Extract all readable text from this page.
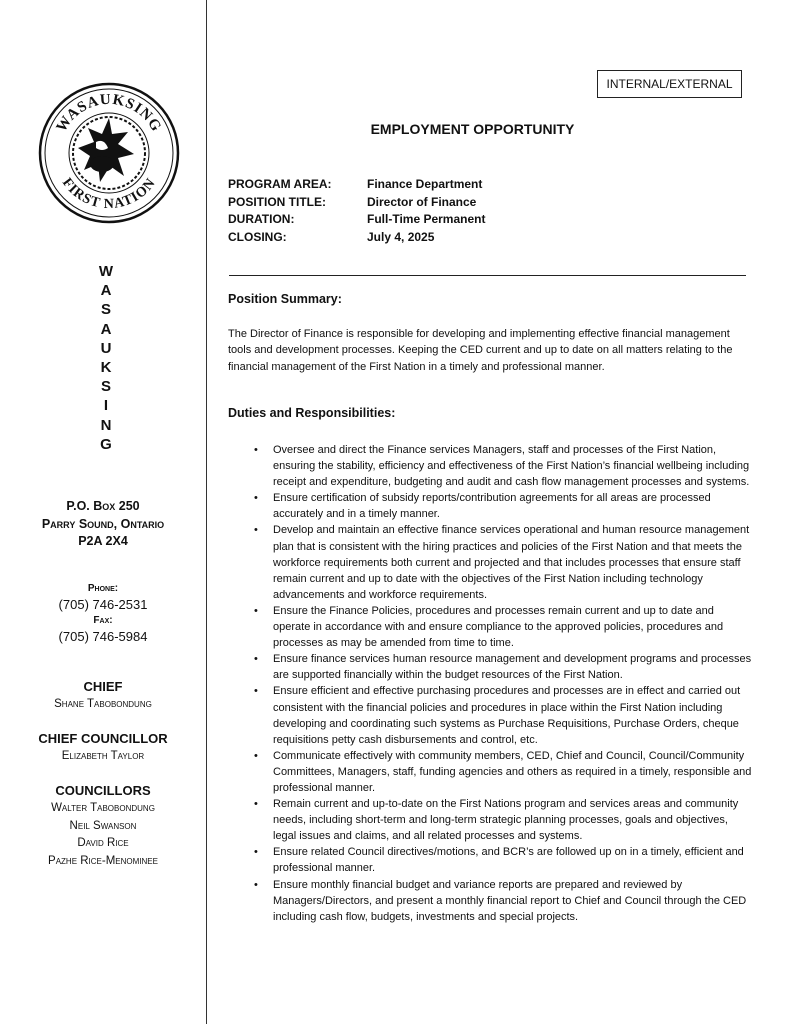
WASAUKSING
FIRST NATION
W
A
S
A
U
K
S
I
N
G
P.O. Box 250
Parry Sound, Ontario
P2A 2X4
Phone:
(705) 746-2531
Fax:
(705) 746-5984
CHIEF
Shane Tabobondung
CHIEF COUNCILLOR
Elizabeth Taylor
COUNCILLORS
Walter Tabobondung
Neil Swanson
David Rice
Pazhe Rice-Menominee
INTERNAL/EXTERNAL
EMPLOYMENT OPPORTUNITY
PROGRAM AREA:	Finance Department
POSITION TITLE:	Director of Finance
DURATION:	Full-Time Permanent
CLOSING:	July 4, 2025
Position Summary:
The Director of Finance is responsible for developing and implementing effective financial management tools and development processes. Keeping the CED current and up to date on all matters relating to the financial management of the First Nation in a timely and professional manner.
Duties and Responsibilities:
• Oversee and direct the Finance services Managers, staff and processes of the First Nation, ensuring the stability, efficiency and effectiveness of the First Nation’s financial wellbeing including receipt and expenditure, budgeting and audit and cash flow management processes and systems.
• Ensure certification of subsidy reports/contribution agreements for all areas are processed accurately and in a timely manner.
• Develop and maintain an effective finance services operational and human resource management plan that is consistent with the hiring practices and policies of the First Nation and that meets the workforce requirements both current and projected and that includes processes that ensure staff remain current and up to date with the objectives of the First Nation including technology advancements and workforce requirements.
• Ensure the Finance Policies, procedures and processes remain current and up to date and operate in accordance with and ensure compliance to the approved policies, procedures and processes as may be amended from time to time.
• Ensure finance services human resource management and development programs and processes are supported financially within the budget resources of the First Nation.
• Ensure efficient and effective purchasing procedures and processes are in effect and carried out consistent with the financial policies and procedures in place within the First Nation including developing and coordinating such systems as Purchase Requisitions, Purchase Orders, cheque requisitions petty cash disbursements and control, etc.
• Communicate effectively with community members, CED, Chief and Council, Council/Community Committees, Managers, staff, funding agencies and others as required in a timely, responsible and professional manner.
• Remain current and up-to-date on the First Nations program and services areas and community needs, including short-term and long-term strategic planning processes, goals and objectives, legal issues and claims, and all related processes and systems.
• Ensure related Council directives/motions, and BCR’s are followed up on in a timely, efficient and professional manner.
• Ensure monthly financial budget and variance reports are prepared and reviewed by Managers/Directors, and present a monthly financial report to Chief and Council through the CED including cash flow, budgets, investments and special projects.
